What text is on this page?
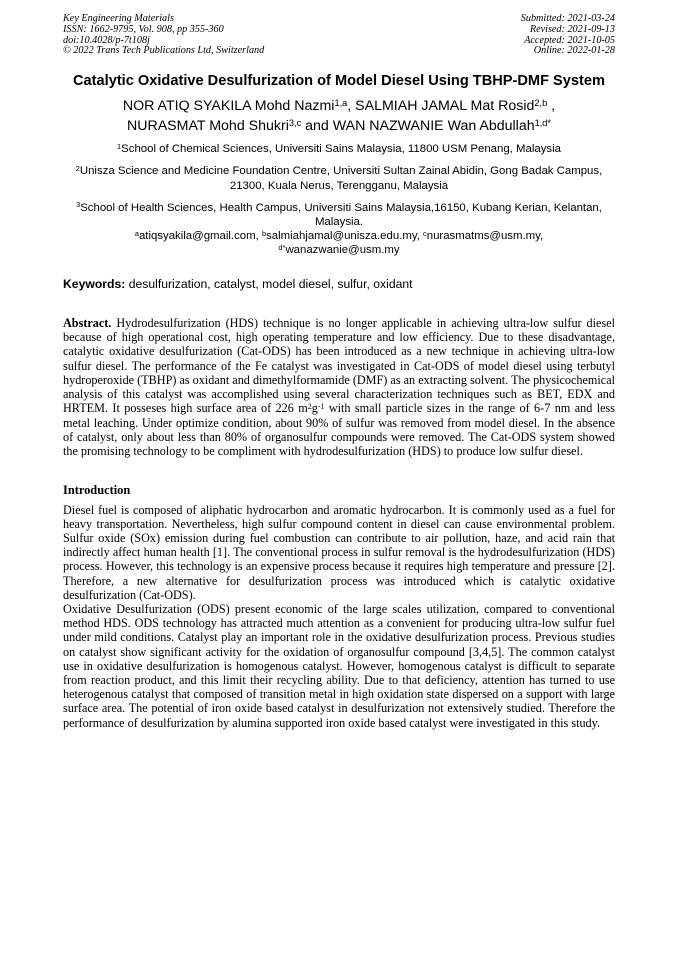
Key Engineering Materials
ISSN: 1662-9795, Vol. 908, pp 355-360
doi:10.4028/p-7t108j
© 2022 Trans Tech Publications Ltd, Switzerland
Submitted: 2021-03-24
Revised: 2021-09-13
Accepted: 2021-10-05
Online: 2022-01-28
Catalytic Oxidative Desulfurization of Model Diesel Using TBHP-DMF System
NOR ATIQ SYAKILA Mohd Nazmi$^{1,a}$, SALMIAH JAMAL Mat Rosid$^{2,b}$ ,
NURASMAT Mohd Shukri$^{3,c}$ and WAN NAZWANIE Wan Abdullah$^{1,d*}$
$^1$School of Chemical Sciences, Universiti Sains Malaysia, 11800 USM Penang, Malaysia
$^2$Unisza Science and Medicine Foundation Centre, Universiti Sultan Zainal Abidin, Gong Badak Campus, 21300, Kuala Nerus, Terengganu, Malaysia
$^3$School of Health Sciences, Health Campus, Universiti Sains Malaysia,16150, Kubang Kerian, Kelantan, Malaysia.
$^a$atiqsyakila@gmail.com, $^b$salmiahjamal@unisza.edu.my, $^c$nurasmatms@usm.my,
$^{d*}$wanazwanie@usm.my
Keywords: desulfurization, catalyst, model diesel, sulfur, oxidant
Abstract. Hydrodesulfurization (HDS) technique is no longer applicable in achieving ultra-low sulfur diesel because of high operational cost, high operating temperature and low efficiency. Due to these disadvantage, catalytic oxidative desulfurization (Cat-ODS) has been introduced as a new technique in achieving ultra-low sulfur diesel. The performance of the Fe catalyst was investigated in Cat-ODS of model diesel using terbutyl hydroperoxide (TBHP) as oxidant and dimethylformamide (DMF) as an extracting solvent. The physicochemical analysis of this catalyst was accomplished using several characterization techniques such as BET, EDX and HRTEM. It posseses high surface area of 226 $m^2g^{-1}$ with small particle sizes in the range of 6-7 nm and less metal leaching. Under optimize condition, about 90% of sulfur was removed from model diesel. In the absence of catalyst, only about less than 80% of organosulfur compounds were removed. The Cat-ODS system showed the promising technology to be compliment with hydrodesulfurization (HDS) to produce low sulfur diesel.
Introduction
Diesel fuel is composed of aliphatic hydrocarbon and aromatic hydrocarbon. It is commonly used as a fuel for heavy transportation. Nevertheless, high sulfur compound content in diesel can cause environmental problem. Sulfur oxide (SOx) emission during fuel combustion can contribute to air pollution, haze, and acid rain that indirectly affect human health [1]. The conventional process in sulfur removal is the hydrodesulfurization (HDS) process. However, this technology is an expensive process because it requires high temperature and pressure [2]. Therefore, a new alternative for desulfurization process was introduced which is catalytic oxidative desulfurization (Cat-ODS).
Oxidative Desulfurization (ODS) present economic of the large scales utilization, compared to conventional method HDS. ODS technology has attracted much attention as a convenient for producing ultra-low sulfur fuel under mild conditions. Catalyst play an important role in the oxidative desulfurization process. Previous studies on catalyst show significant activity for the oxidation of organosulfur compound [3,4,5]. The common catalyst use in oxidative desulfurization is homogenous catalyst. However, homogenous catalyst is difficult to separate from reaction product, and this limit their recycling ability. Due to that deficiency, attention has turned to use heterogenous catalyst that composed of transition metal in high oxidation state dispersed on a support with large surface area. The potential of iron oxide based catalyst in desulfurization not extensively studied. Therefore the performance of desulfurization by alumina supported iron oxide based catalyst were investigated in this study.
